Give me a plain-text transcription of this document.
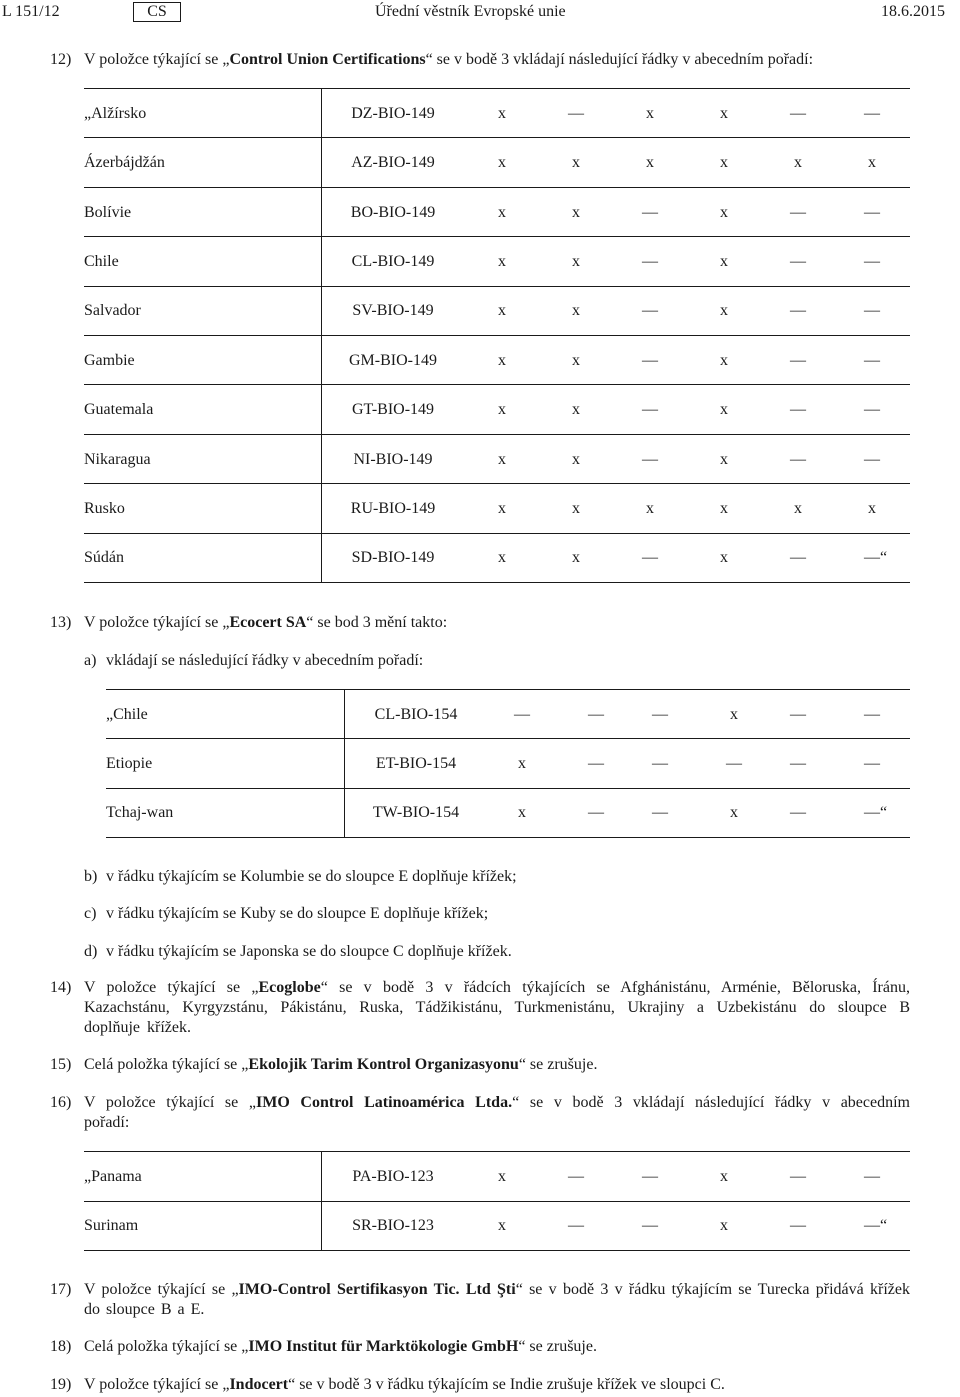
L 151/12	CS	Úřední věstník Evropské unie	18.6.2015
12) V položce týkající se „Control Union Certifications“ se v bodě 3 vkládají následující řádky v abecedním pořadí:
„Alžírsko	DZ-BIO-149	x	—	x	x	—	—
Ázerbájdžán	AZ-BIO-149	x	x	x	x	x	x
Bolívie	BO-BIO-149	x	x	—	x	—	—
Chile	CL-BIO-149	x	x	—	x	—	—
Salvador	SV-BIO-149	x	x	—	x	—	—
Gambie	GM-BIO-149	x	x	—	x	—	—
Guatemala	GT-BIO-149	x	x	—	x	—	—
Nikaragua	NI-BIO-149	x	x	—	x	—	—
Rusko	RU-BIO-149	x	x	x	x	x	x
Súdán	SD-BIO-149	x	x	—	x	—	—“
13) V položce týkající se „Ecocert SA“ se bod 3 mění takto:
a) vkládají se následující řádky v abecedním pořadí:
„Chile	CL-BIO-154	—	—	—	x	—	—
Etiopie	ET-BIO-154	x	—	—	—	—	—
Tchaj-wan	TW-BIO-154	x	—	—	x	—	—“
b) v řádku týkajícím se Kolumbie se do sloupce E doplňuje křížek;
c) v řádku týkajícím se Kuby se do sloupce E doplňuje křížek;
d) v řádku týkajícím se Japonska se do sloupce C doplňuje křížek.
14) V položce týkající se „Ecoglobe“ se v bodě 3 v řádcích týkajících se Afghánistánu, Arménie, Běloruska, Íránu, Kazachstánu, Kyrgyzstánu, Pákistánu, Ruska, Tádžikistánu, Turkmenistánu, Ukrajiny a Uzbekistánu do sloupce B doplňuje křížek.
15) Celá položka týkající se „Ekolojik Tarim Kontrol Organizasyonu“ se zrušuje.
16) V položce týkající se „IMO Control Latinoamérica Ltda.“ se v bodě 3 vkládají následující řádky v abecedním pořadí:
„Panama	PA-BIO-123	x	—	—	x	—	—
Surinam	SR-BIO-123	x	—	—	x	—	—“
17) V položce týkající se „IMO-Control Sertifikasyon Tic. Ltd Şti“ se v bodě 3 v řádku týkajícím se Turecka přidává křížek do sloupce B a E.
18) Celá položka týkající se „IMO Institut für Marktökologie GmbH“ se zrušuje.
19) V položce týkající se „Indocert“ se v bodě 3 v řádku týkajícím se Indie zrušuje křížek ve sloupci C.
